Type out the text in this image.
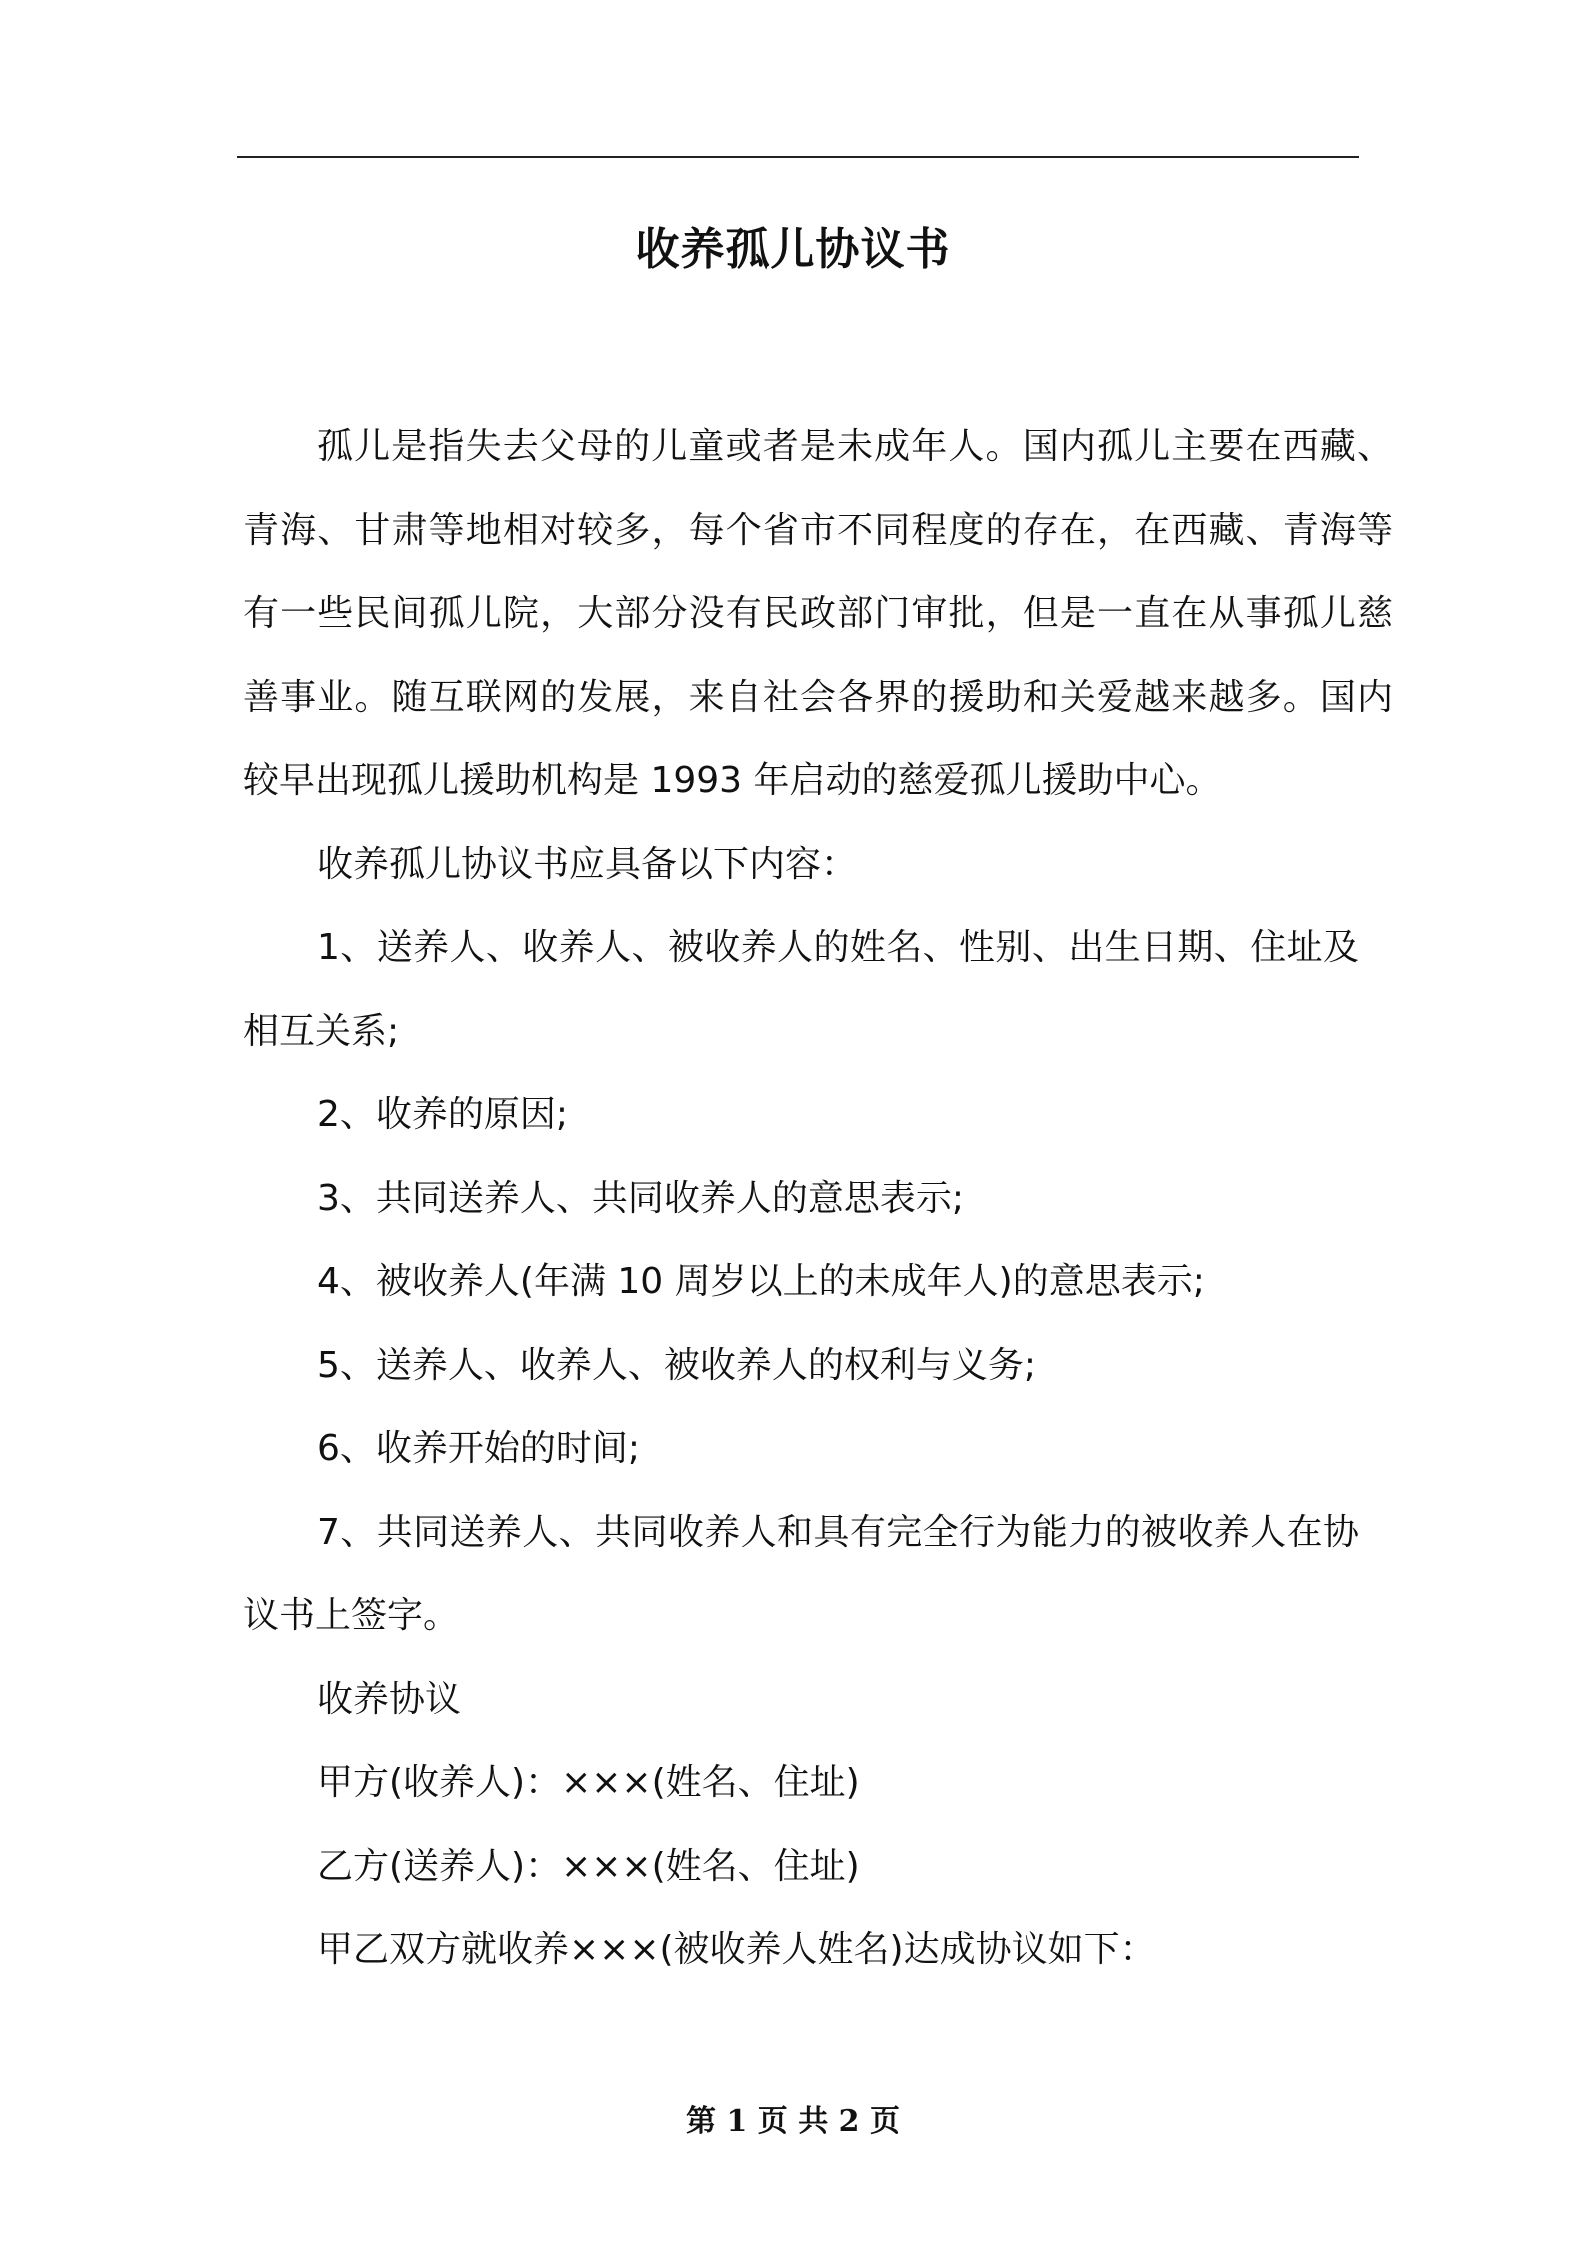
收养孤儿协议书

孤儿是指失去父母的儿童或者是未成年人。国内孤儿主要在西藏、青海、甘肃等地相对较多，每个省市不同程度的存在，在西藏、青海等有一些民间孤儿院，大部分没有民政部门审批，但是一直在从事孤儿慈善事业。随互联网的发展，来自社会各界的援助和关爱越来越多。国内较早出现孤儿援助机构是 1993 年启动的慈爱孤儿援助中心。

收养孤儿协议书应具备以下内容：

1、送养人、收养人、被收养人的姓名、性别、出生日期、住址及相互关系;

2、收养的原因;

3、共同送养人、共同收养人的意思表示;

4、被收养人(年满 10 周岁以上的未成年人)的意思表示;

5、送养人、收养人、被收养人的权利与义务;

6、收养开始的时间;

7、共同送养人、共同收养人和具有完全行为能力的被收养人在协议书上签字。

收养协议

甲方(收养人)：×××(姓名、住址)

乙方(送养人)：×××(姓名、住址)

甲乙双方就收养×××(被收养人姓名)达成协议如下：

第 1 页 共 2 页
